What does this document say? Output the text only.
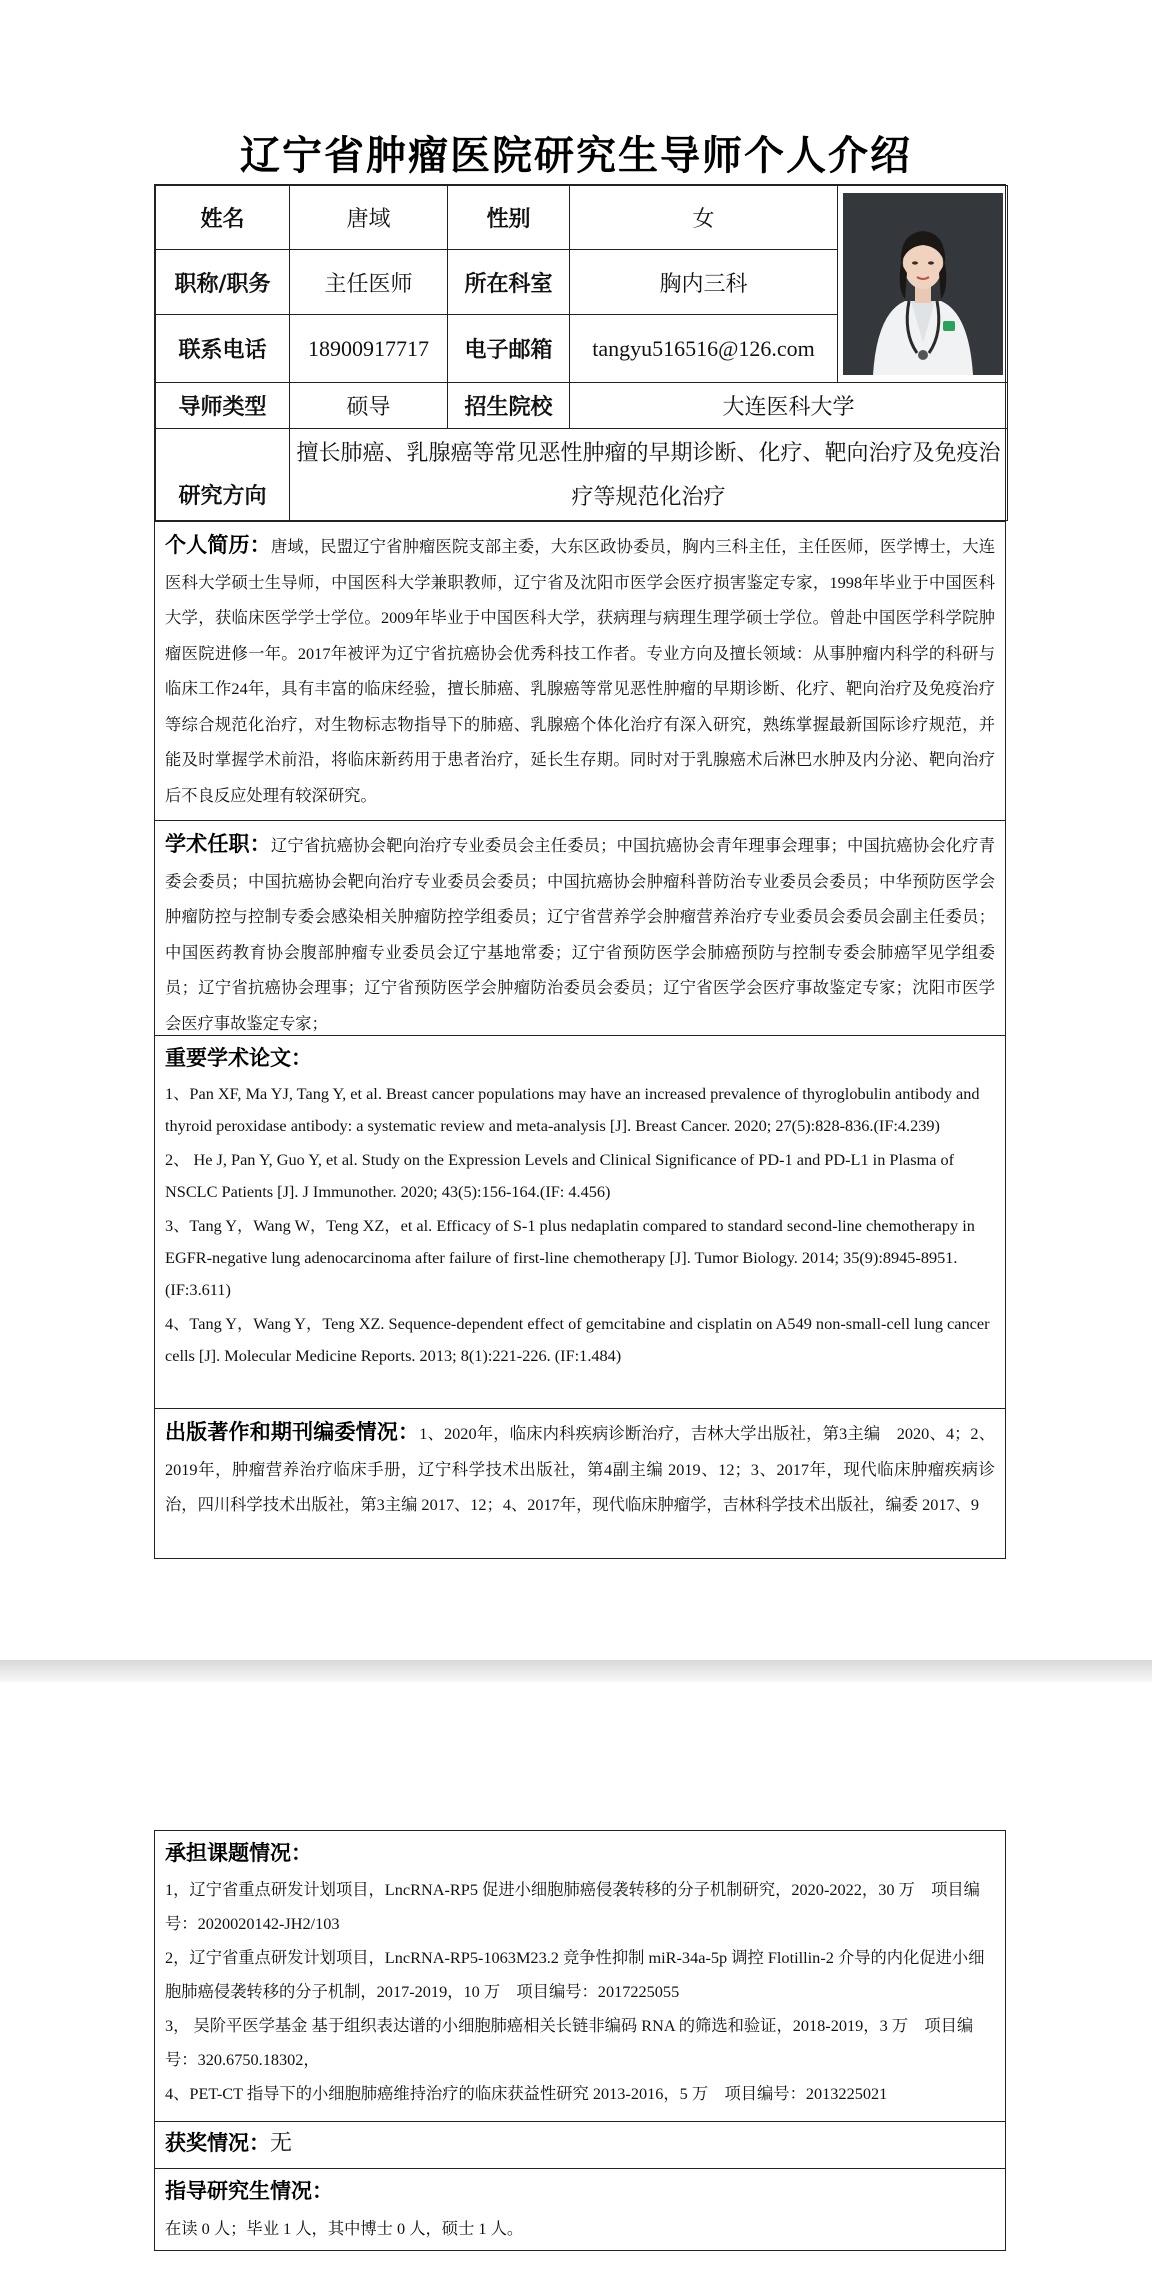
辽宁省肿瘤医院研究生导师个人介绍
姓名	唐域	性别	女	

职称/职务	主任医师	所在科室	胸内三科	
联系电话	18900917717	电子邮箱	tangyu516516@126.com	
导师类型	硕导	招生院校	大连医科大学	
研究方向	擅长肺癌、乳腺癌等常见恶性肿瘤的早期诊断、化疗、靶向治疗及免疫治疗等规范化治疗			
个人简历：唐域，民盟辽宁省肿瘤医院支部主委，大东区政协委员，胸内三科主任，主任医师，医学博士，大连医科大学硕士生导师，中国医科大学兼职教师，辽宁省及沈阳市医学会医疗损害鉴定专家，1998年毕业于中国医科大学，获临床医学学士学位。2009年毕业于中国医科大学，获病理与病理生理学硕士学位。曾赴中国医学科学院肿瘤医院进修一年。2017年被评为辽宁省抗癌协会优秀科技工作者。专业方向及擅长领域：从事肿瘤内科学的科研与临床工作24年，具有丰富的临床经验，擅长肺癌、乳腺癌等常见恶性肿瘤的早期诊断、化疗、靶向治疗及免疫治疗等综合规范化治疗，对生物标志物指导下的肺癌、乳腺癌个体化治疗有深入研究，熟练掌握最新国际诊疗规范，并能及时掌握学术前沿，将临床新药用于患者治疗，延长生存期。同时对于乳腺癌术后淋巴水肿及内分泌、靶向治疗后不良反应处理有较深研究。
学术任职：辽宁省抗癌协会靶向治疗专业委员会主任委员；中国抗癌协会青年理事会理事；中国抗癌协会化疗青委会委员；中国抗癌协会靶向治疗专业委员会委员；中国抗癌协会肿瘤科普防治专业委员会委员；中华预防医学会肿瘤防控与控制专委会感染相关肿瘤防控学组委员；辽宁省营养学会肿瘤营养治疗专业委员会委员会副主任委员；中国医药教育协会腹部肿瘤专业委员会辽宁基地常委；辽宁省预防医学会肺癌预防与控制专委会肺癌罕见学组委员；辽宁省抗癌协会理事；辽宁省预防医学会肿瘤防治委员会委员；辽宁省医学会医疗事故鉴定专家；沈阳市医学会医疗事故鉴定专家；
重要学术论文：
1、Pan XF, Ma YJ, Tang Y, et al. Breast cancer populations may have an increased prevalence of thyroglobulin antibody and thyroid peroxidase antibody: a systematic review and meta-analysis [J]. Breast Cancer. 2020; 27(5):828-836.(IF:4.239)
2、 He J, Pan Y, Guo Y, et al. Study on the Expression Levels and Clinical Significance of PD-1 and PD-L1 in Plasma of NSCLC Patients [J]. J Immunother. 2020; 43(5):156-164.(IF: 4.456)
3、Tang Y，Wang W，Teng XZ，et al. Efficacy of S-1 plus nedaplatin compared to standard second-line chemotherapy in EGFR-negative lung adenocarcinoma after failure of first-line chemotherapy [J]. Tumor Biology. 2014; 35(9):8945-8951. (IF:3.611)
4、Tang Y，Wang Y，Teng XZ. Sequence-dependent effect of gemcitabine and cisplatin on A549 non-small-cell lung cancer cells [J]. Molecular Medicine Reports. 2013; 8(1):221-226. (IF:1.484)
出版著作和期刊编委情况：1、2020年，临床内科疾病诊断治疗，吉林大学出版社，第3主编　2020、4；2、2019年，肿瘤营养治疗临床手册，辽宁科学技术出版社，第4副主编 2019、12；3、2017年，现代临床肿瘤疾病诊治，四川科学技术出版社，第3主编 2017、12；4、2017年，现代临床肿瘤学，吉林科学技术出版社，编委 2017、9
承担课题情况：
1，辽宁省重点研发计划项目，LncRNA-RP5 促进小细胞肺癌侵袭转移的分子机制研究，2020-2022，30 万　项目编号：2020020142-JH2/103
2，辽宁省重点研发计划项目，LncRNA-RP5-1063M23.2 竞争性抑制 miR-34a-5p 调控 Flotillin-2 介导的内化促进小细胞肺癌侵袭转移的分子机制，2017-2019，10 万　项目编号：2017225055
3， 吴阶平医学基金 基于组织表达谱的小细胞肺癌相关长链非编码 RNA 的筛选和验证，2018-2019，3 万　项目编号：320.6750.18302，
4、PET-CT 指导下的小细胞肺癌维持治疗的临床获益性研究 2013-2016，5 万　项目编号：2013225021
获奖情况：无
指导研究生情况：
在读 0 人；毕业 1 人，其中博士 0 人，硕士 1 人。
